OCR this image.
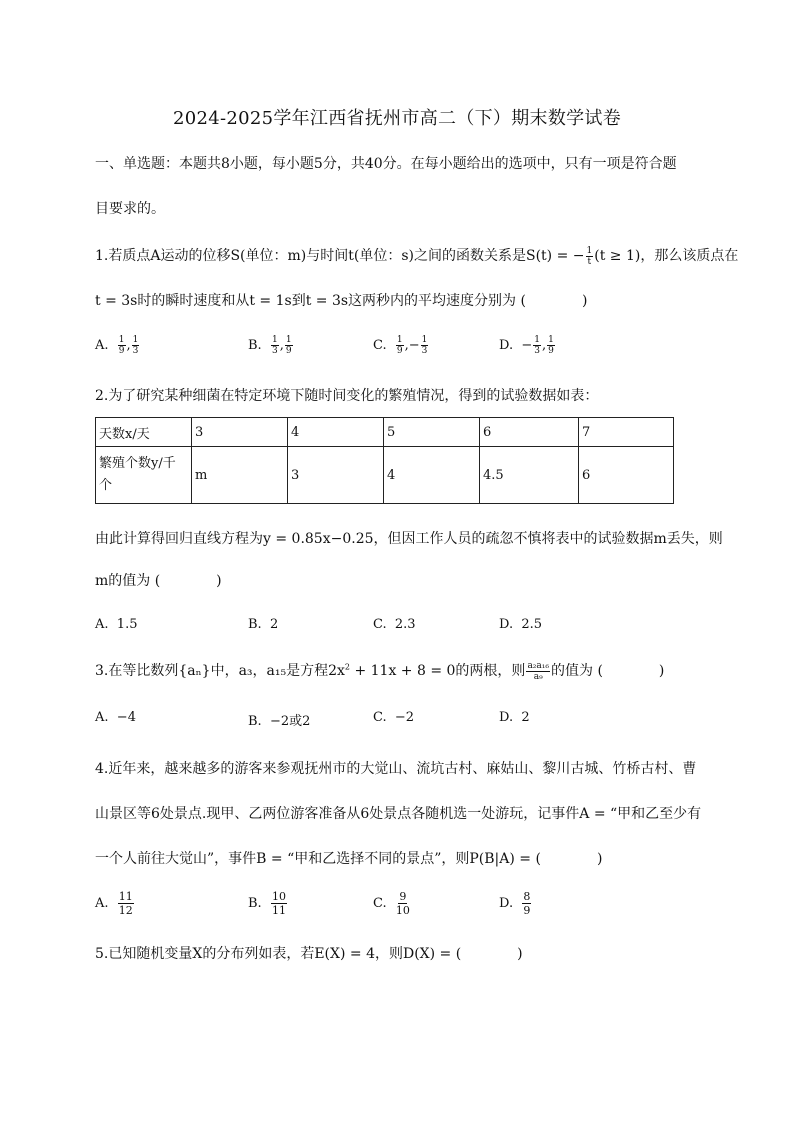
2024-2025学年江西省抚州市高二（下）期末数学试卷
一、单选题：本题共8小题，每小题5分，共40分。在每小题给出的选项中，只有一项是符合题
目要求的。
1.若质点A运动的位移S(单位：m)与时间t(单位：s)之间的函数关系是S(t) = − $\frac{1}{t} (t \ge 1)$，那么该质点在
t = 3s时的瞬时速度和从t = 1s到t = 3s这两秒内的平均速度分别为 (　　　　)
A. $\frac{1}{9}$ , $\frac{1}{3}$	B. $\frac{1}{3}$ , $\frac{1}{9}$	C. $\frac{1}{9}$ ,− $\frac{1}{3}$	D. − $\frac{1}{3}$ , $\frac{1}{9}$
2.为了研究某种细菌在特定环境下随时间变化的繁殖情况，得到的试验数据如表：
天数x/天	3	4	5	6	7
繁殖个数y/千个	m	3	4	4.5	6
由此计算得回归直线方程为y = 0.85x−0.25，但因工作人员的疏忽不慎将表中的试验数据m丢失，则
m的值为 (　　　　)
A. 1.5	B. 2	C. 2.3	D. 2.5
3.在等比数列{aₙ}中，a₃，a₁₅是方程$2x^2 + 11x + 8 = 0$的两根，则 $\frac{\text{a₂a₁₆}}{\text{a₉}}$ 的值为 (　　　　)
A. −4	B. −2或2	C. −2	D. 2
4.近年来，越来越多的游客来参观抚州市的大觉山、流坑古村、麻姑山、黎川古城、竹桥古村、曹
山景区等6处景点.现甲、乙两位游客准备从6处景点各随机选一处游玩，记事件A = “甲和乙至少有
一个人前往大觉山”，事件B = “甲和乙选择不同的景点”，则P(B|A) = (　　　　)
A. $\frac{11}{12}$	B. $\frac{10}{11}$	C. $\frac{9}{10}$	D. $\frac{8}{9}$
5.已知随机变量X的分布列如表，若E(X) = 4，则D(X) = (　　　　)
